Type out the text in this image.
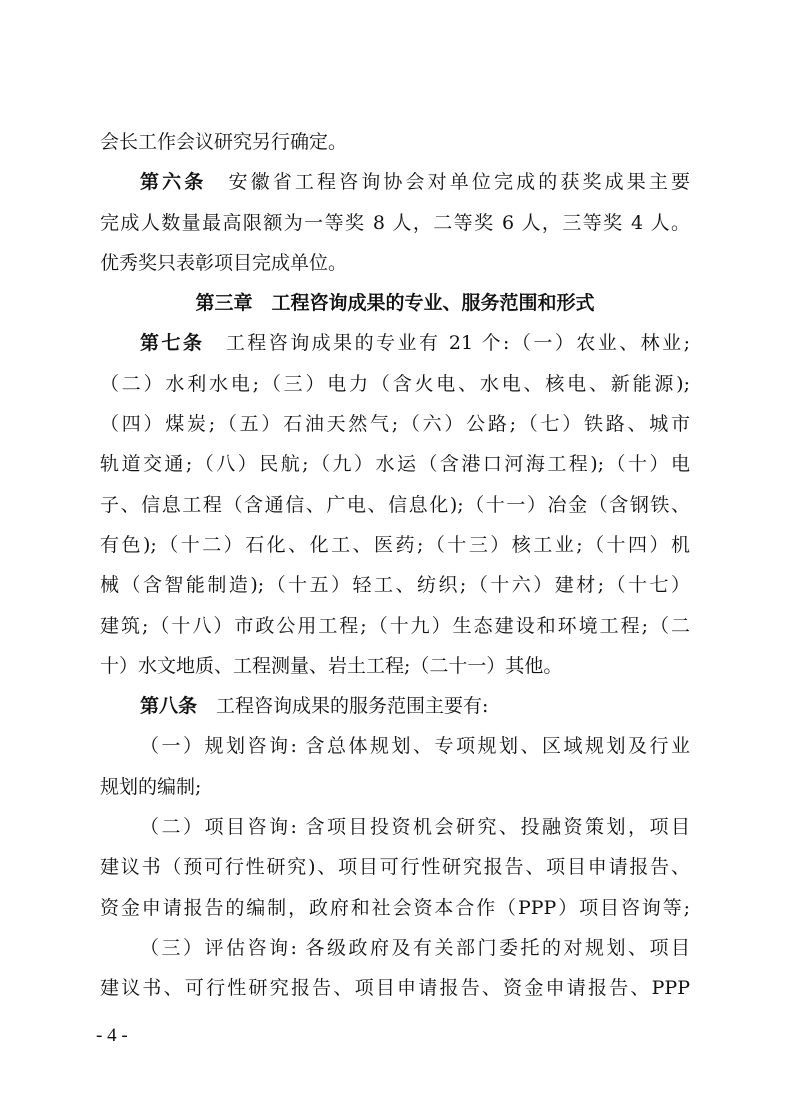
会长工作会议研究另行确定。
第六条　 安徽省工程咨询协会对单位完成的获奖成果主要
完成人数量最高限额为一等奖 8 人，二等奖 6 人，三等奖 4 人。
优秀奖只表彰项目完成单位。
第三章　工程咨询成果的专业、服务范围和形式
第七条　 工程咨询成果的专业有 21 个:（一）农业、林业;
（二）水利水电;（三）电力（含火电、水电、核电、新能源);
（四）煤炭;（五）石油天然气;（六）公路;（七）铁路、城市
轨道交通;（八）民航;（九）水运（含港口河海工程);（十）电
子、信息工程（含通信、广电、信息化);（十一）冶金（含钢铁、
有色);（十二）石化、化工、医药;（十三）核工业;（十四）机
械（含智能制造);（十五）轻工、纺织;（十六）建材;（十七）
建筑;（十八）市政公用工程;（十九）生态建设和环境工程;（二
十）水文地质、工程测量、岩土工程;（二十一）其他。
第八条　 工程咨询成果的服务范围主要有:
（一）规划咨询: 含总体规划、专项规划、区域规划及行业
规划的编制;
（二）项目咨询: 含项目投资机会研究、投融资策划，项目
建议书（预可行性研究)、项目可行性研究报告、项目申请报告、
资金申请报告的编制，政府和社会资本合作（PPP）项目咨询等;
（三）评估咨询: 各级政府及有关部门委托的对规划、项目
建议书、可行性研究报告、项目申请报告、资金申请报告、PPP
- 4 -
